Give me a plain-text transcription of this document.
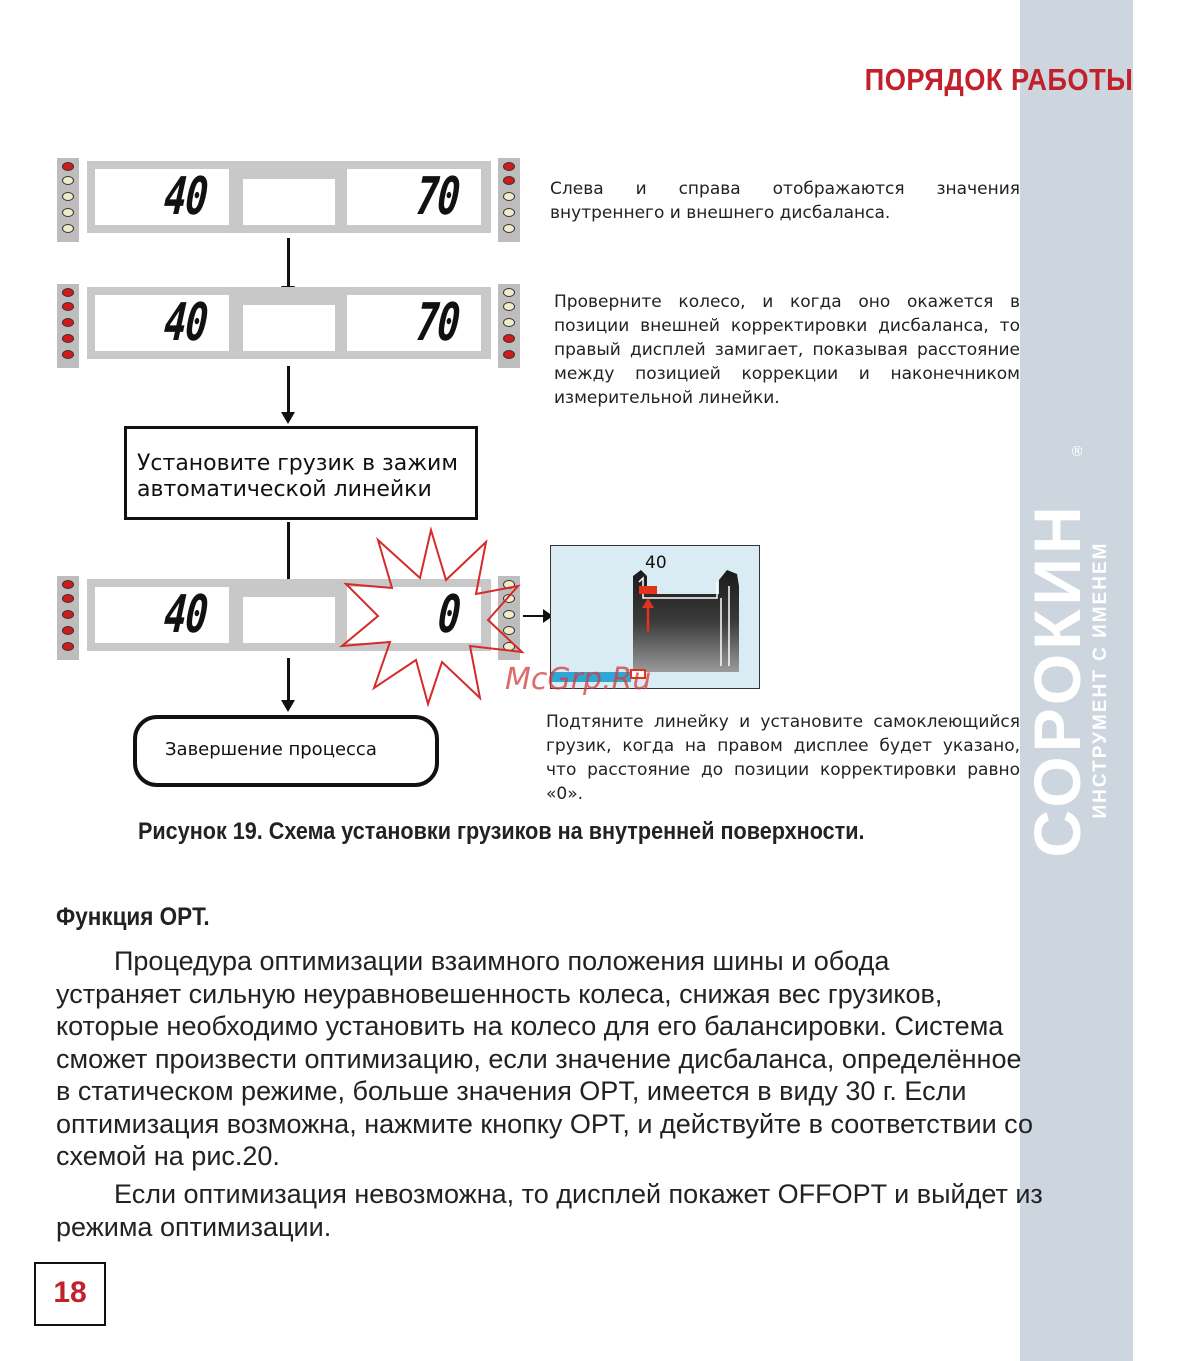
СОРОКИН
ИНСТРУМЕНТ С ИМЕНЕМ
®
ПОРЯДОК РАБОТЫ
40	70	Слева и справа отображаются значения внутреннего и внешнего дисбаланса.
40	70	Проверните колесо, и когда оно окажется в позиции внешней корректировки дисбаланса, то правый дисплей замигает, показывая расстояние между позицией коррекции и наконечником измерительной линейки.
Установите грузик в зажим
автоматической линейки
40	0
40
McGrp.Ru
Завершение процесса
Подтяните линейку и установите самоклеющийся грузик, когда на правом дисплее будет указано, что расстояние до позиции корректировки равно «0».
Рисунок 19. Схема установки грузиков на внутренней поверхности.
Функция OPT.
Процедура оптимизации взаимного положения шины и обода
устраняет сильную неуравновешенность колеса, снижая вес грузиков,
которые необходимо установить на колесо для его балансировки. Система
сможет произвести оптимизацию, если значение дисбаланса, определённое
в статическом режиме, больше значения OPT, имеется в виду 30 г. Если
оптимизация возможна, нажмите кнопку OPT, и действуйте в соответствии со
схемой на рис.20.
Если оптимизация невозможна, то дисплей покажет OFFOPT и выйдет из
режима оптимизации.
18
